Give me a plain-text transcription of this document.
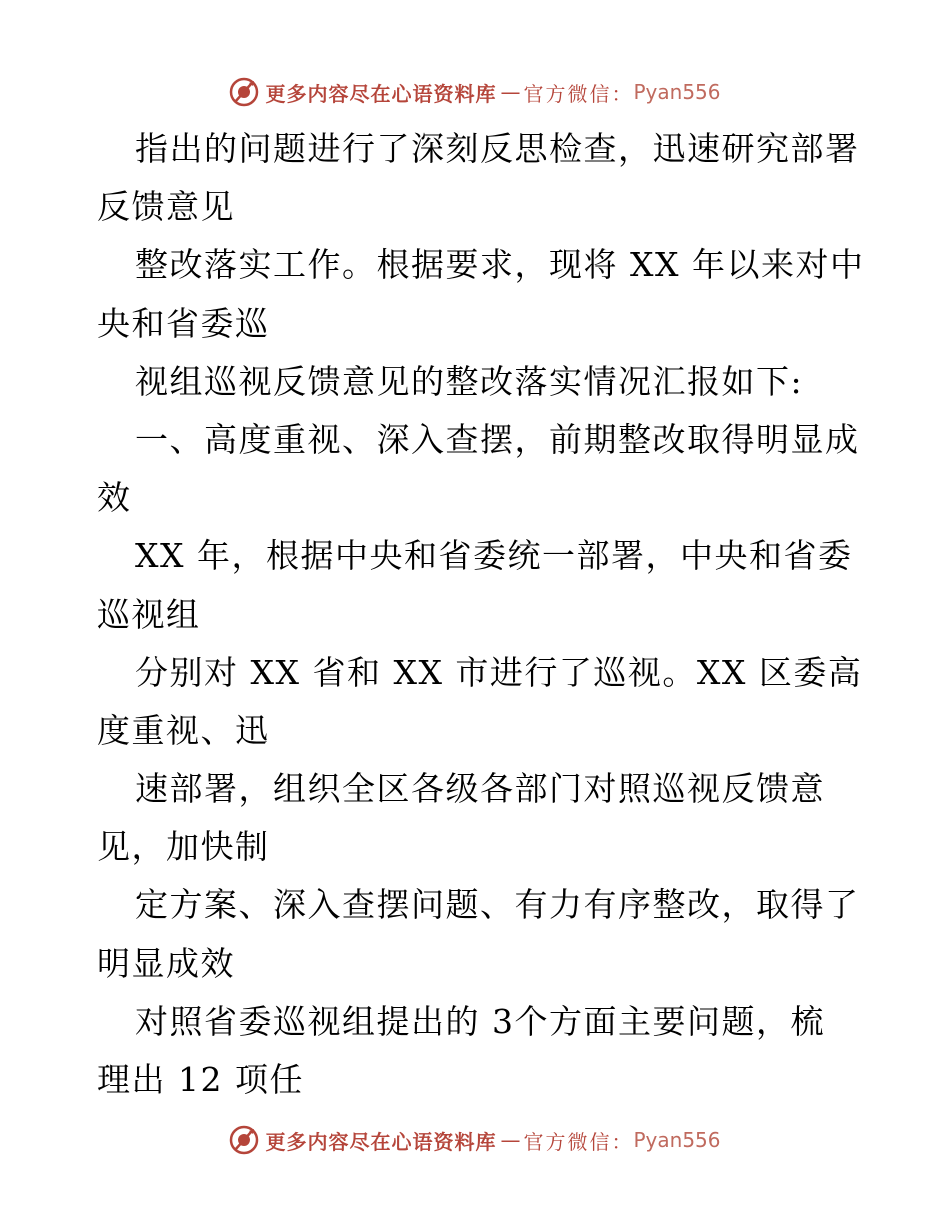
更多内容尽在心语资料库 — 官方微信： Pyan556
指出的问题进行了深刻反思检查，迅速研究部署
反馈意见
整改落实工作。根据要求，现将 XX 年以来对中
央和省委巡
视组巡视反馈意见的整改落实情况汇报如下:
一、高度重视、深入查摆，前期整改取得明显成
效
XX 年，根据中央和省委统一部署，中央和省委
巡视组
分别对 XX 省和 XX 市进行了巡视。XX 区委高
度重视、迅
速部署，组织全区各级各部门对照巡视反馈意
见，加快制
定方案、深入查摆问题、有力有序整改，取得了
明显成效
对照省委巡视组提出的 3个方面主要问题，梳
理出 12 项任
更多内容尽在心语资料库 — 官方微信： Pyan556
